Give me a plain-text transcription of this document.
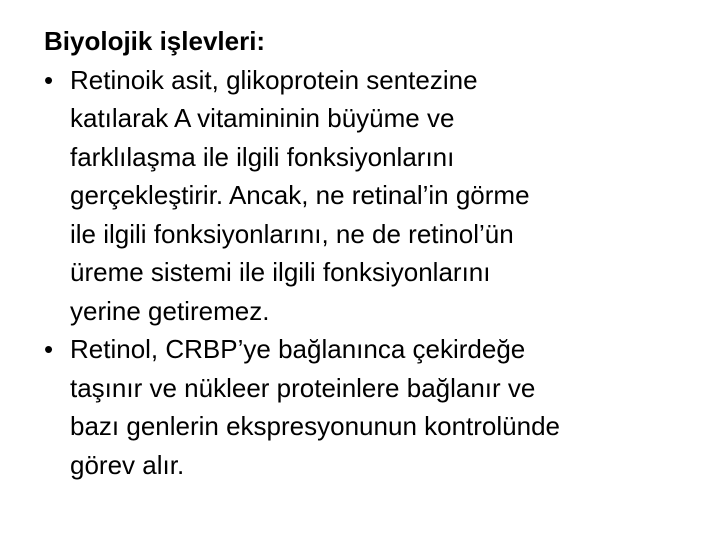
Biyolojik işlevleri:

• Retinoik asit, glikoprotein sentezine
katılarak A vitamininin büyüme ve
farklılaşma ile ilgili fonksiyonlarını
gerçekleştirir. Ancak, ne retinal’in görme
ile ilgili fonksiyonlarını, ne de retinol’ün
üreme sistemi ile ilgili fonksiyonlarını
yerine getiremez.
• Retinol, CRBP’ye bağlanınca çekirdeğe
taşınır ve nükleer proteinlere bağlanır ve
bazı genlerin ekspresyonunun kontrolünde
görev alır.
